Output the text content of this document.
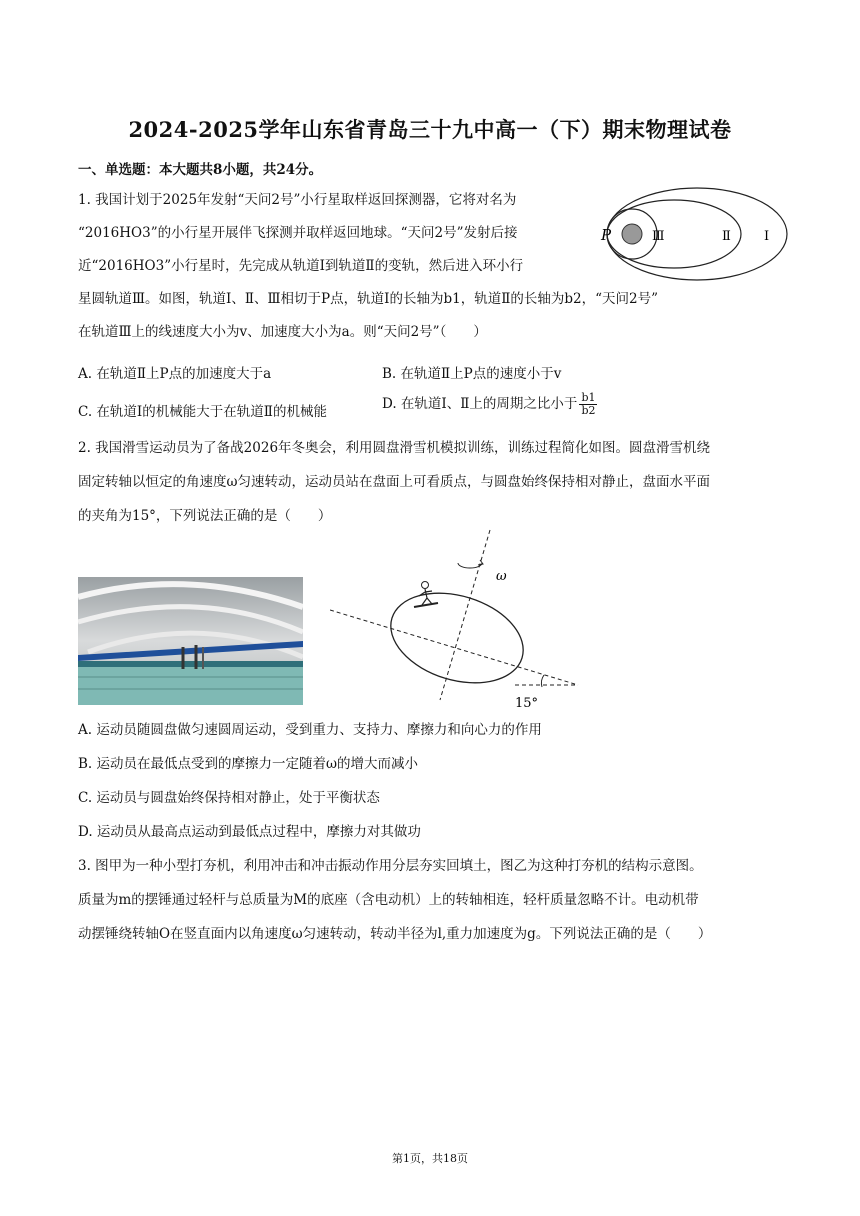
2024-2025学年山东省青岛三十九中高一（下）期末物理试卷
一、单选题：本大题共8小题，共24分。
1. 我国计划于2025年发射“天问2号”小行星取样返回探测器，它将对名为
“2016HO3”的小行星开展伴飞探测并取样返回地球。“天问2号”发射后接
近“2016HO3”小行星时，先完成从轨道Ⅰ到轨道Ⅱ的变轨，然后进入环小行
星圆轨道Ⅲ。如图，轨道Ⅰ、Ⅱ、Ⅲ相切于P点，轨道Ⅰ的长轴为b1，轨道Ⅱ的长轴为b2，“天问2号”
在轨道Ⅲ上的线速度大小为v、加速度大小为a。则“天问2号”（　　）
P	Ⅲ	Ⅱ	Ⅰ
A. 在轨道Ⅱ上P点的加速度大于a	B. 在轨道Ⅱ上P点的速度小于v
C. 在轨道Ⅰ的机械能大于在轨道Ⅱ的机械能	D. 在轨道Ⅰ、Ⅱ上的周期之比小于 $\frac{b1}{b2}$
2. 我国滑雪运动员为了备战2026年冬奥会，利用圆盘滑雪机模拟训练，训练过程简化如图。圆盘滑雪机绕
固定转轴以恒定的角速度ω匀速转动，运动员站在盘面上可看质点，与圆盘始终保持相对静止，盘面水平面
的夹角为15°，下列说法正确的是（　　）
ω
15°
A. 运动员随圆盘做匀速圆周运动，受到重力、支持力、摩擦力和向心力的作用
B. 运动员在最低点受到的摩擦力一定随着ω的增大而减小
C. 运动员与圆盘始终保持相对静止，处于平衡状态
D. 运动员从最高点运动到最低点过程中，摩擦力对其做功
3. 图甲为一种小型打夯机，利用冲击和冲击振动作用分层夯实回填土，图乙为这种打夯机的结构示意图。
质量为m的摆锤通过轻杆与总质量为M的底座（含电动机）上的转轴相连，轻杆质量忽略不计。电动机带
动摆锤绕转轴O在竖直面内以角速度ω匀速转动，转动半径为l,重力加速度为g。下列说法正确的是（　　）
第1页，共18页
